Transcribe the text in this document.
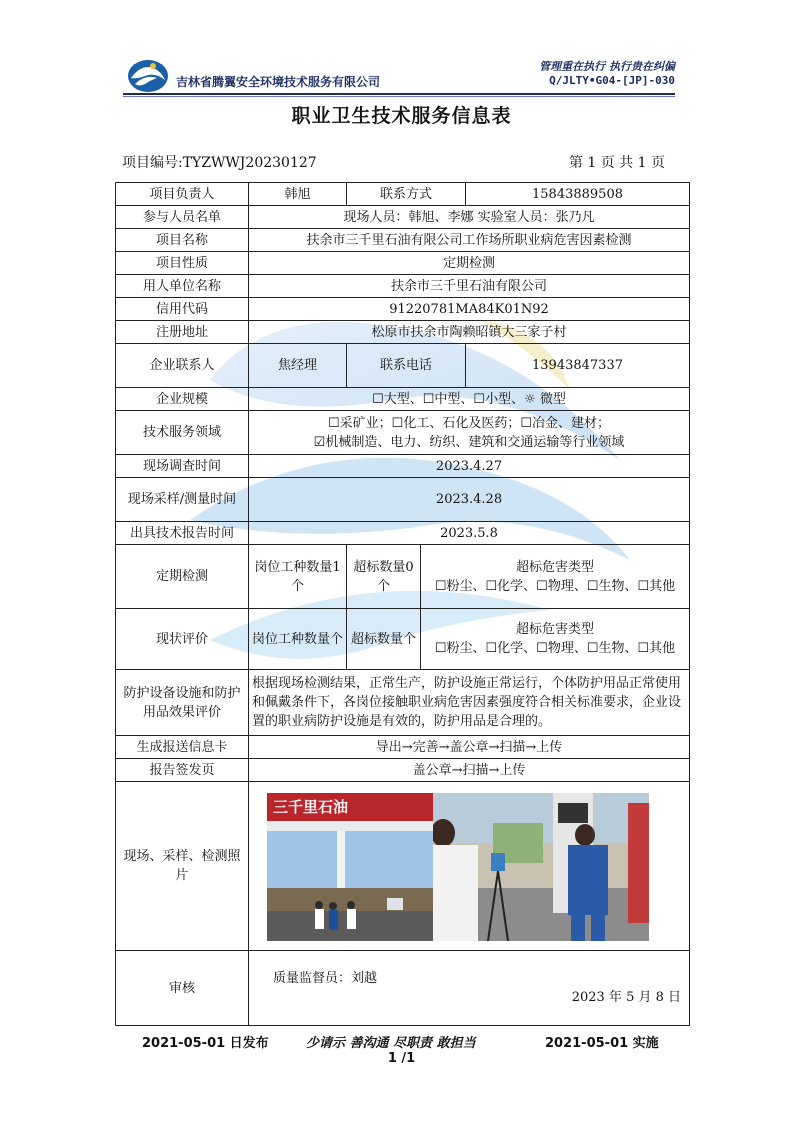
吉林省腾翼安全环境技术服务有限公司
管理重在执行 执行贵在纠偏
Q/JLTY•G04-[JP]-030
职业卫生技术服务信息表
项目编号:TYZWWJ20230127	第 1 页 共 1 页
项目负责人	韩旭	联系方式		15843889508
参与人员名单	现场人员：韩旭、李娜 实验室人员：张乃凡			
项目名称	扶余市三千里石油有限公司工作场所职业病危害因素检测			
项目性质	定期检测			
用人单位名称	扶余市三千里石油有限公司			
信用代码	91220781MA84K01N92			
注册地址	松原市扶余市陶赖昭镇大三家子村			
企业联系人	焦经理	联系电话		13943847337
企业规模	☐大型、☐中型、☐小型、☼ 微型			
技术服务领域	☐采矿业；☐化工、石化及医药；☐冶金、建材；
☑机械制造、电力、纺织、建筑和交通运输等行业领域			

现场调查时间	2023.4.27			
现场采样/测量时间	2023.4.28			
出具技术报告时间	2023.5.8			
定期检测	岗位工种数量1个	超标数量0个	超标危害类型
☐粉尘、☐化学、☐物理、☐生物、☐其他	

现状评价	岗位工种数量个	超标数量个	超标危害类型
☐粉尘、☐化学、☐物理、☐生物、☐其他	

防护设备设施和防护用品效果评价	根据现场检测结果，正常生产，防护设施正常运行，个体防护用品正常使用和佩戴条件下，各岗位接触职业病危害因素强度符合相关标准要求，企业设置的职业病防护设施是有效的，防护用品是合理的。			
生成报送信息卡	导出→完善→盖公章→扫描→上传			
报告签发页	盖公章→扫描→上传			
现场、采样、检测照片	三千里石油			

审核	质量监督员：刘越
2023 年 5 月 8 日			
2021-05-01 日发布	少请示 善沟通 尽职责 敢担当	2021-05-01 实施
1 /1
